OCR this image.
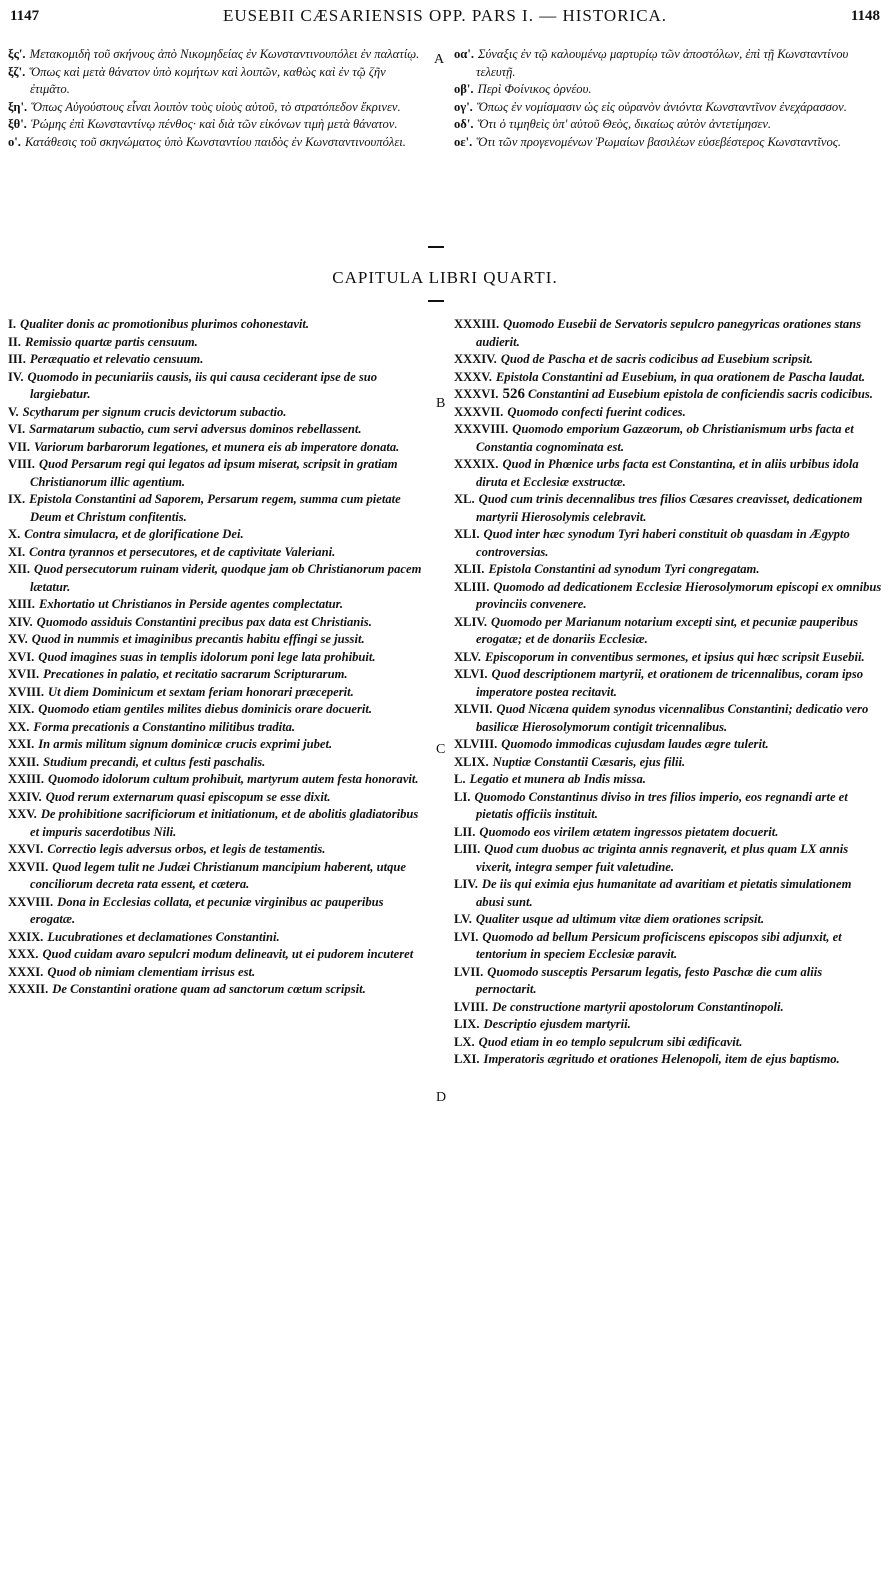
1147	EUSEBII CÆSARIENSIS OPP. PARS I. — HISTORICA.	1148

ξς'. Μετακομιδὴ τοῦ σκήνους ἀπὸ Νικομηδείας ἐν Κωνσταντινουπόλει ἐν παλατίῳ.

ξζ'. Ὅπως καὶ μετὰ θάνατον ὑπὸ κομήτων καὶ λοιπῶν, καθὼς καὶ ἐν τῷ ζῆν ἐτιμᾶτο.

ξη'. Ὅπως Αὐγούστους εἶναι λοιπὸν τοὺς υἱοὺς αὐτοῦ, τὸ στρατόπεδον ἔκρινεν.

ξθ'. Ῥώμης ἐπὶ Κωνσταντίνῳ πένθος· καὶ διὰ τῶν εἰκόνων τιμὴ μετὰ θάνατον.

ο'. Κατάθεσις τοῦ σκηνώματος ὑπὸ Κωνσταντίου παιδὸς ἐν Κωνσταντινουπόλει.

οα'. Σύναξις ἐν τῷ καλουμένῳ μαρτυρίῳ τῶν ἀποστόλων, ἐπὶ τῇ Κωνσταντίνου τελευτῇ.

οβ'. Περὶ Φοίνικος ὀρνέου.

ογ'. Ὅπως ἐν νομίσμασιν ὡς εἰς οὐρανὸν ἀνιόντα Κωνσταντῖνον ἐνεχάρασσον.

οδ'. Ὅτι ὁ τιμηθεὶς ὑπ' αὐτοῦ Θεὸς, δικαίως αὐτὸν ἀντετίμησεν.

οε'. Ὅτι τῶν προγενομένων Ῥωμαίων βασιλέων εὐσεβέστερος Κωνσταντῖνος.

A
CAPITULA LIBRI QUARTI.

I. Qualiter donis ac promotionibus plurimos cohonestavit.

II. Remissio quartæ partis censuum.

III. Peræquatio et relevatio censuum.

IV. Quomodo in pecuniariis causis, iis qui causa ceciderant ipse de suo largiebatur.

V. Scytharum per signum crucis devictorum subactio.

VI. Sarmatarum subactio, cum servi adversus dominos rebellassent.

VII. Variorum barbarorum legationes, et munera eis ab imperatore donata.

VIII. Quod Persarum regi qui legatos ad ipsum miserat, scripsit in gratiam Christianorum illic agentium.

IX. Epistola Constantini ad Saporem, Persarum regem, summa cum pietate Deum et Christum confitentis.

X. Contra simulacra, et de glorificatione Dei.

XI. Contra tyrannos et persecutores, et de captivitate Valeriani.

XII. Quod persecutorum ruinam viderit, quodque jam ob Christianorum pacem lætatur.

XIII. Exhortatio ut Christianos in Perside agentes complectatur.

XIV. Quomodo assiduis Constantini precibus pax data est Christianis.

XV. Quod in nummis et imaginibus precantis habitu effingi se jussit.

XVI. Quod imagines suas in templis idolorum poni lege lata prohibuit.

XVII. Precationes in palatio, et recitatio sacrarum Scripturarum.

XVIII. Ut diem Dominicum et sextam feriam honorari præceperit.

XIX. Quomodo etiam gentiles milites diebus dominicis orare docuerit.

XX. Forma precationis a Constantino militibus tradita.

XXI. In armis militum signum dominicæ crucis exprimi jubet.

XXII. Studium precandi, et cultus festi paschalis.

XXIII. Quomodo idolorum cultum prohibuit, martyrum autem festa honoravit.

XXIV. Quod rerum externarum quasi episcopum se esse dixit.

XXV. De prohibitione sacrificiorum et initiationum, et de abolitis gladiatoribus et impuris sacerdotibus Nili.

XXVI. Correctio legis adversus orbos, et legis de testamentis.

XXVII. Quod legem tulit ne Judæi Christianum mancipium haberent, utque conciliorum decreta rata essent, et cætera.

XXVIII. Dona in Ecclesias collata, et pecuniæ virginibus ac pauperibus erogatæ.

XXIX. Lucubrationes et declamationes Constantini.

XXX. Quod cuidam avaro sepulcri modum delineavit, ut ei pudorem incuteret

XXXI. Quod ob nimiam clementiam irrisus est.

XXXII. De Constantini oratione quam ad sanctorum cœtum scripsit.

XXXIII. Quomodo Eusebii de Servatoris sepulcro panegyricas orationes stans audierit.

XXXIV. Quod de Pascha et de sacris codicibus ad Eusebium scripsit.

XXXV. Epistola Constantini ad Eusebium, in qua orationem de Pascha laudat.

XXXVI. 526 Constantini ad Eusebium epistola de conficiendis sacris codicibus.

XXXVII. Quomodo confecti fuerint codices.

XXXVIII. Quomodo emporium Gazæorum, ob Christianismum urbs facta et Constantia cognominata est.

XXXIX. Quod in Phœnice urbs facta est Constantina, et in aliis urbibus idola diruta et Ecclesiæ exstructæ.

XL. Quod cum trinis decennalibus tres filios Cæsares creavisset, dedicationem martyrii Hierosolymis celebravit.

XLI. Quod inter hæc synodum Tyri haberi constituit ob quasdam in Ægypto controversias.

XLII. Epistola Constantini ad synodum Tyri congregatam.

XLIII. Quomodo ad dedicationem Ecclesiæ Hierosolymorum episcopi ex omnibus provinciis convenere.

XLIV. Quomodo per Marianum notarium excepti sint, et pecuniæ pauperibus erogatæ; et de donariis Ecclesiæ.

XLV. Episcoporum in conventibus sermones, et ipsius qui hæc scripsit Eusebii.

XLVI. Quod descriptionem martyrii, et orationem de tricennalibus, coram ipso imperatore postea recitavit.

XLVII. Quod Nicæna quidem synodus vicennalibus Constantini; dedicatio vero basilicæ Hierosolymorum contigit tricennalibus.

XLVIII. Quomodo immodicas cujusdam laudes ægre tulerit.

XLIX. Nuptiæ Constantii Cæsaris, ejus filii.

L. Legatio et munera ab Indis missa.

LI. Quomodo Constantinus diviso in tres filios imperio, eos regnandi arte et pietatis officiis instituit.

LII. Quomodo eos virilem ætatem ingressos pietatem docuerit.

LIII. Quod cum duobus ac triginta annis regnaverit, et plus quam LX annis vixerit, integra semper fuit valetudine.

LIV. De iis qui eximia ejus humanitate ad avaritiam et pietatis simulationem abusi sunt.

LV. Qualiter usque ad ultimum vitæ diem orationes scripsit.

LVI. Quomodo ad bellum Persicum proficiscens episcopos sibi adjunxit, et tentorium in speciem Ecclesiæ paravit.

LVII. Quomodo susceptis Persarum legatis, festo Paschæ die cum aliis pernoctarit.

LVIII. De constructione martyrii apostolorum Constantinopoli.

LIX. Descriptio ejusdem martyrii.

LX. Quod etiam in eo templo sepulcrum sibi ædificavit.

LXI. Imperatoris ægritudo et orationes Helenopoli, item de ejus baptismo.

B
C
D
